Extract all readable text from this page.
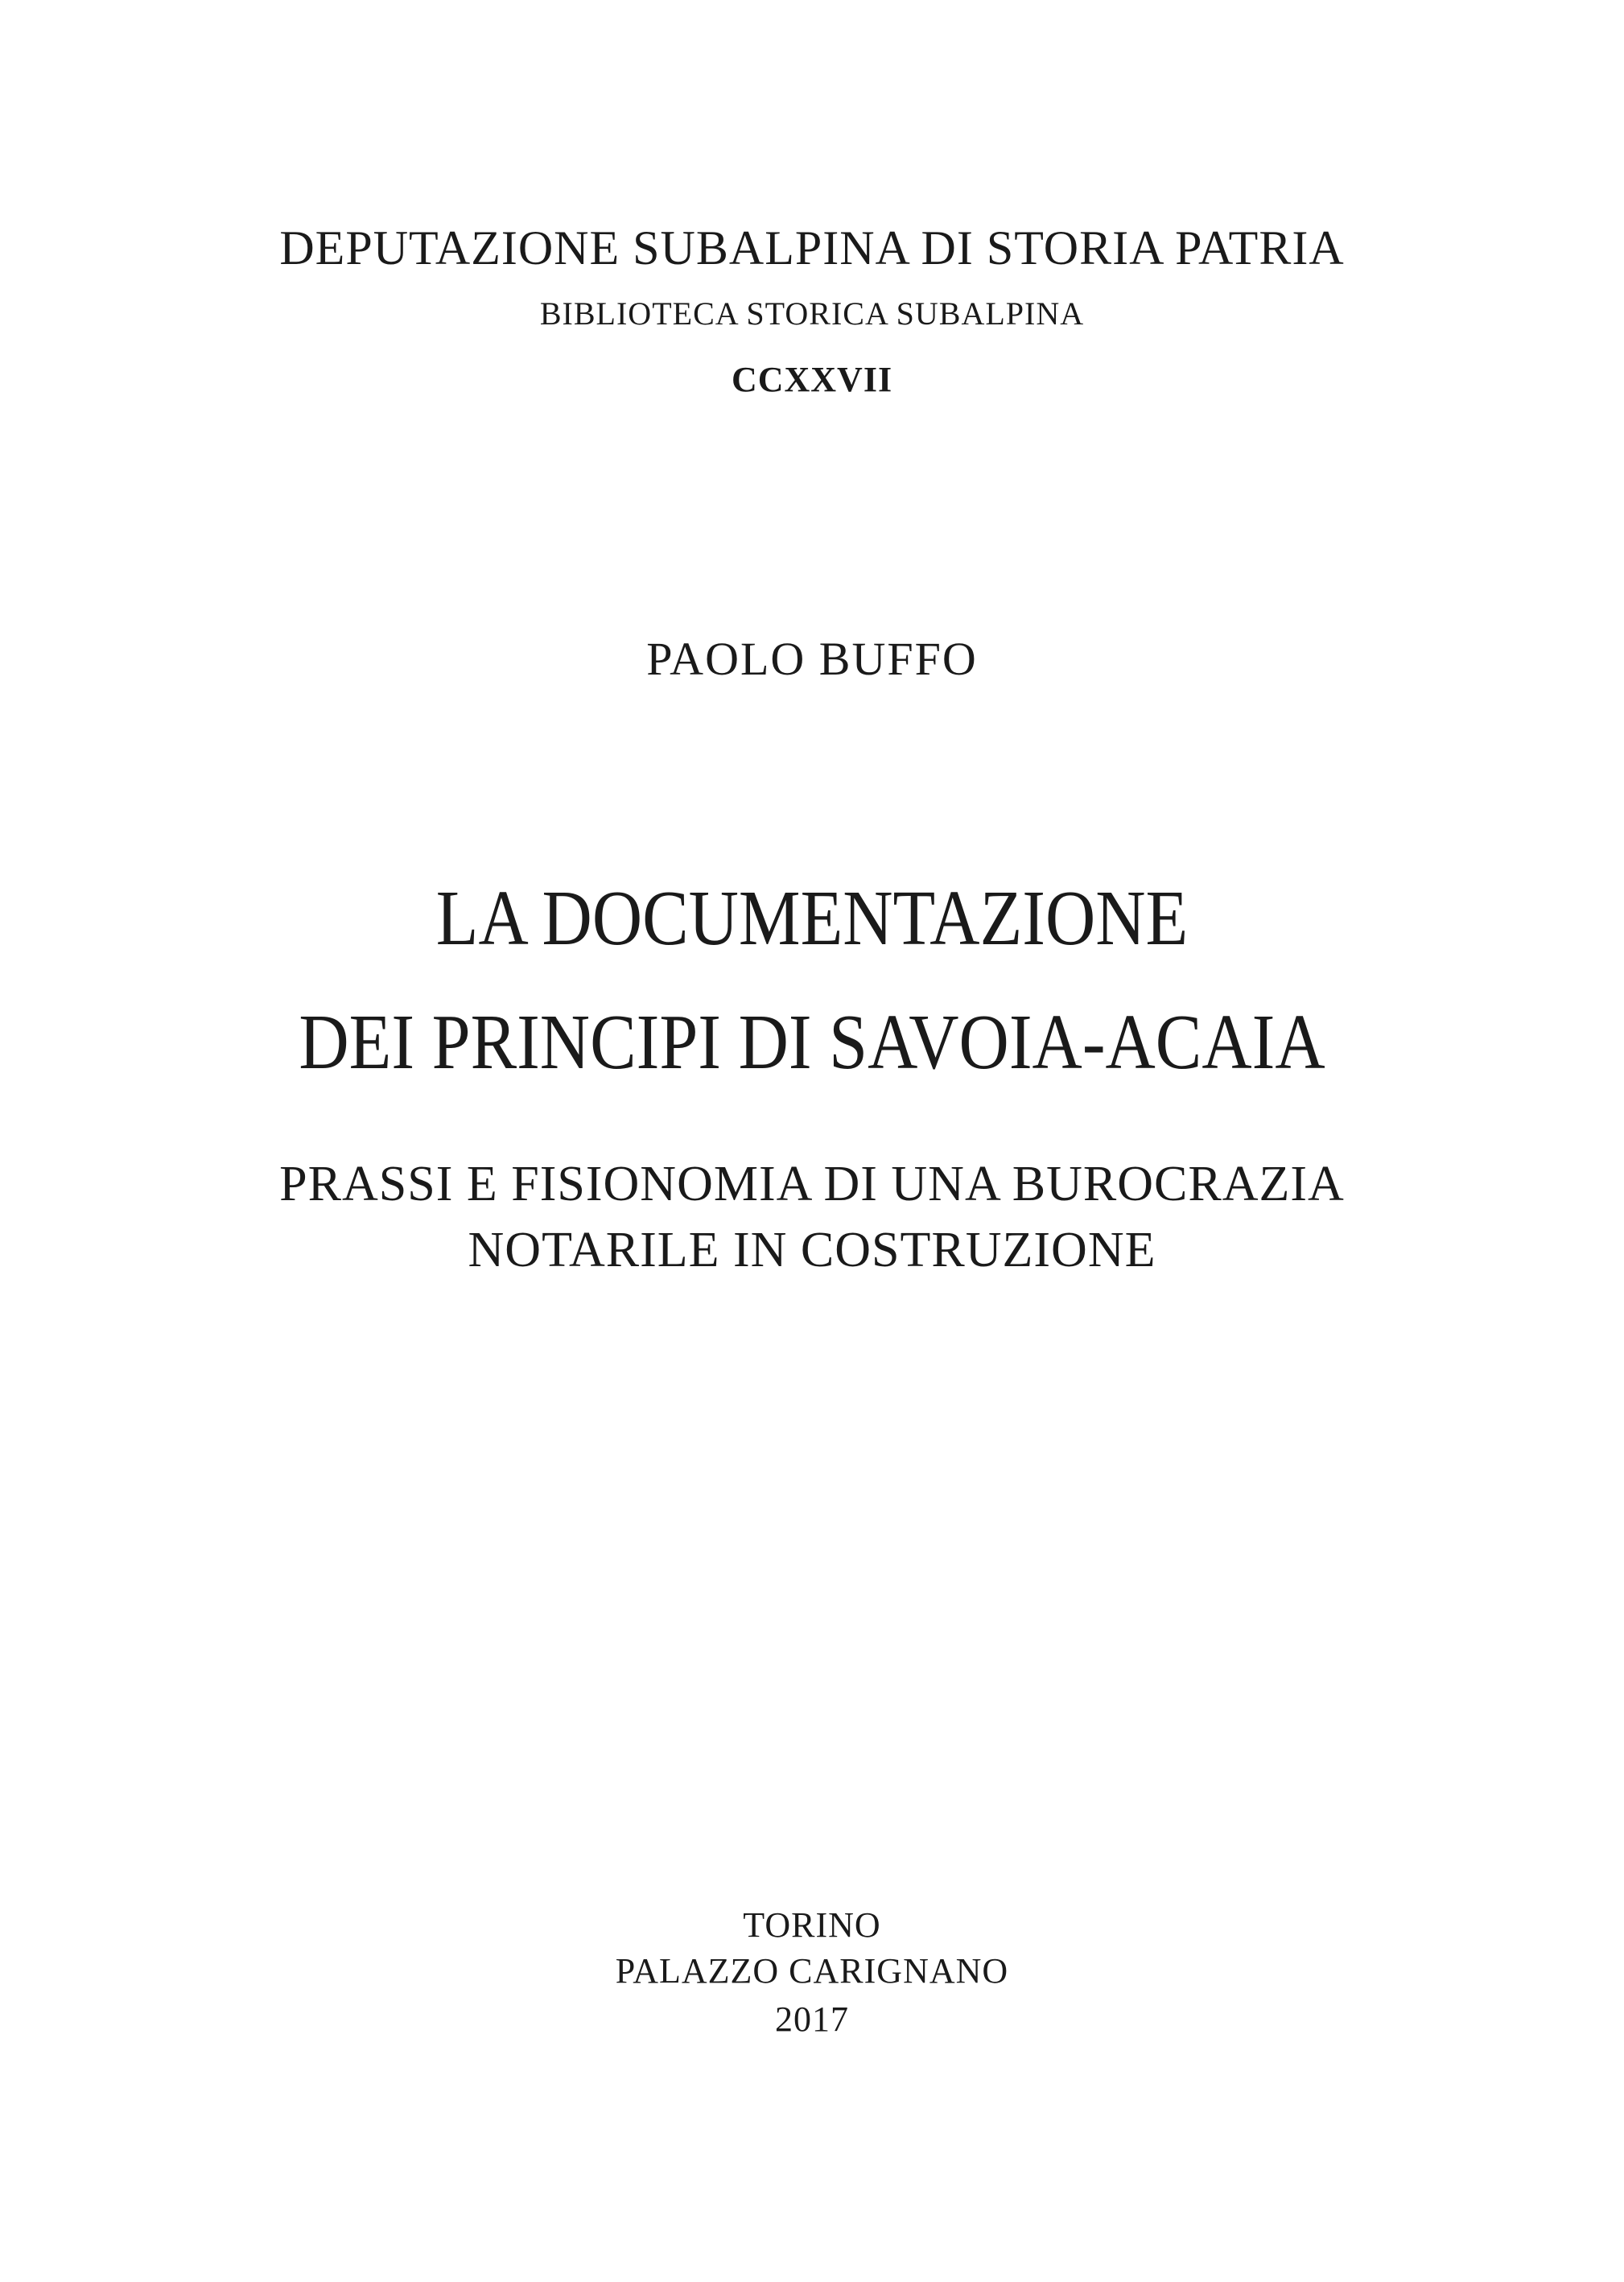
DEPUTAZIONE SUBALPINA DI STORIA PATRIA
BIBLIOTECA STORICA SUBALPINA
CCXXVII
PAOLO BUFFO
LA DOCUMENTAZIONE
DEI PRINCIPI DI SAVOIA-ACAIA
PRASSI E FISIONOMIA DI UNA BUROCRAZIA
NOTARILE IN COSTRUZIONE
TORINO
PALAZZO CARIGNANO
2017
